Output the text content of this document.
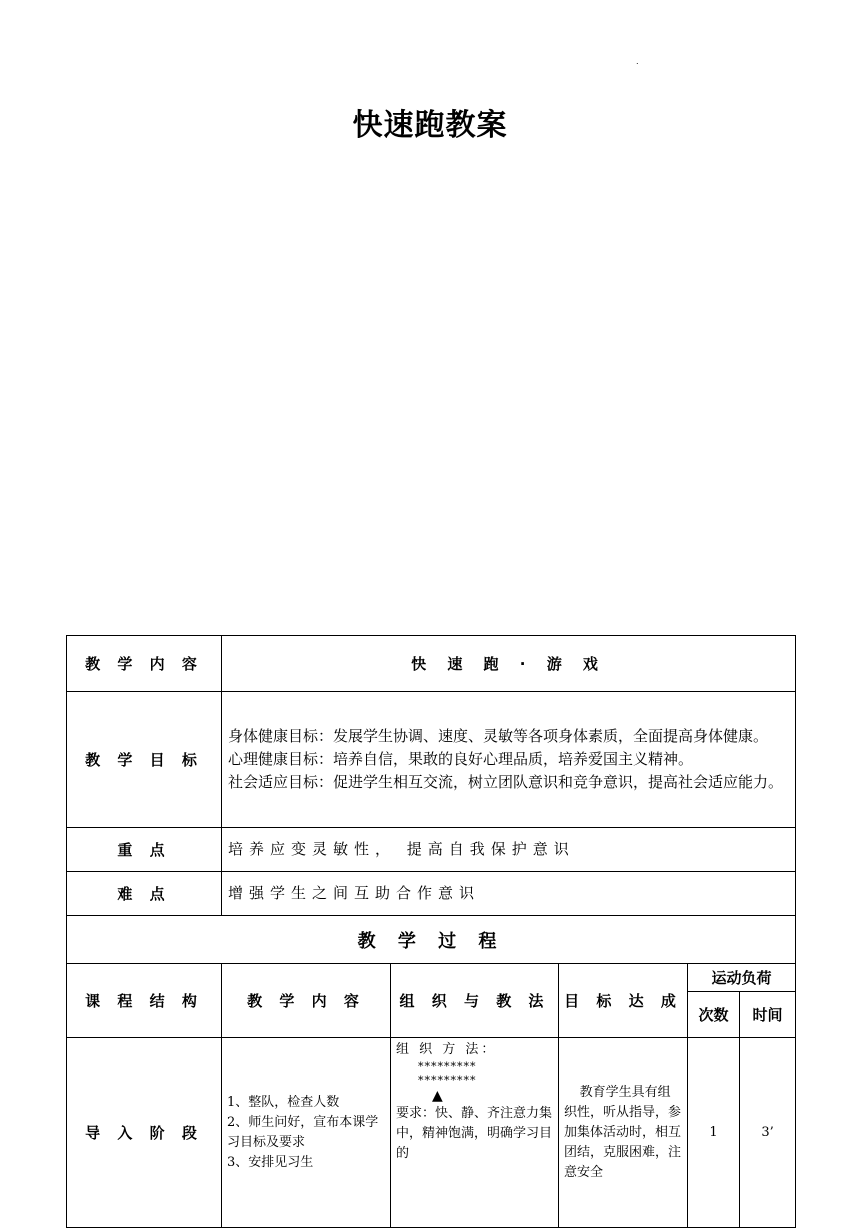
.
快速跑教案
教 学 内 容	快 速 跑 · 游 戏				
教 学 目 标	身体健康目标：发展学生协调、速度、灵敏等各项身体素质，全面提高身体健康。
心理健康目标：培养自信，果敢的良好心理品质，培养爱国主义精神。
社会适应目标：促进学生相互交流，树立团队意识和竞争意识，提高社会适应能力。				

重 点	培养应变灵敏性， 提高自我保护意识				
难 点	增强学生之间互助合作意识				
教 学 过 程					
课 程 结 构	教 学 内 容	组 织 与 教 法	目 标 达 成	运动负荷	
				次数	时间
导 入 阶 段	1、整队，检查人数
2、师生问好，宣布本课学习目标及要求
3、安排见习生	组 织 方 法：
*********
*********
▲
要求：快、静、齐注意力集中，精神饱满，明确学习目的	教育学生具有组织性，听从指导，参加集体活动时，相互团结，克服困难，注意安全	1	3’
